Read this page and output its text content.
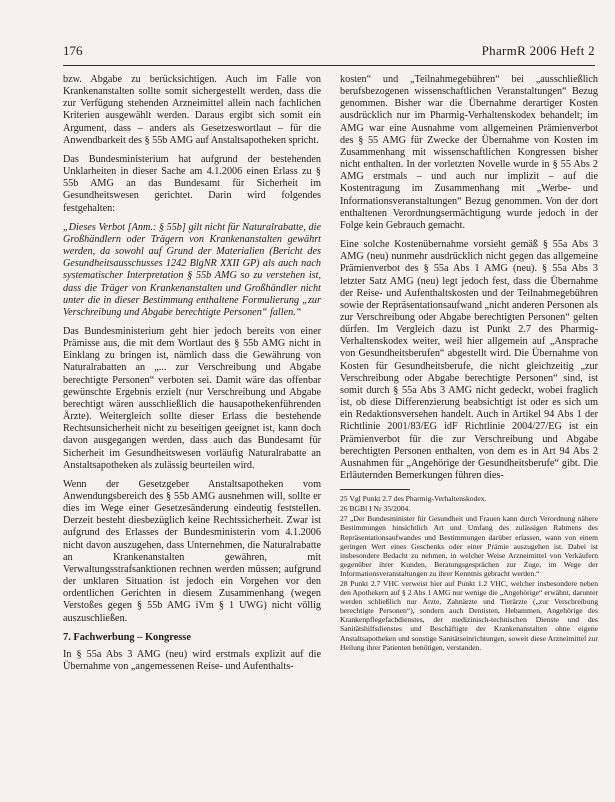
176	PharmR 2006 Heft 2

bzw. Abgabe zu berücksichtigen. Auch im Falle von Krankenanstalten sollte somit sichergestellt werden, dass die zur Verfügung stehenden Arzneimittel allein nach fachlichen Kriterien ausgewählt werden. Daraus ergibt sich somit ein Argument, dass – anders als Gesetzeswortlaut – für die Anwendbarkeit des § 55b AMG auf Anstaltsapotheken spricht.

Das Bundesministerium hat aufgrund der bestehenden Unklarheiten in dieser Sache am 4.1.2006 einen Erlass zu § 55b AMG an das Bundesamt für Sicherheit im Gesundheitswesen gerichtet. Darin wird folgendes festgehalten:

„Dieses Verbot [Anm.: § 55b] gilt nicht für Naturalrabatte, die Großhändlern oder Trägern von Krankenanstalten gewährt werden, da sowohl auf Grund der Materialien (Bericht des Gesundheitsausschusses 1242 BlgNR XXII GP) als auch nach systematischer Interpretation § 55b AMG so zu verstehen ist, dass die Träger von Krankenanstalten und Großhändler nicht unter die in dieser Bestimmung enthaltene Formulierung „zur Verschreibung und Abgabe berechtigte Personen“ fallen.“

Das Bundesministerium geht hier jedoch bereits von einer Prämisse aus, die mit dem Wortlaut des § 55b AMG nicht in Einklang zu bringen ist, nämlich dass die Gewährung von Naturalrabatten an „... zur Verschreibung und Abgabe berechtigte Personen“ verboten sei. Damit wäre das offenbar gewünschte Ergebnis erzielt (nur Verschreibung und Abgabe berechtigt wären ausschließlich die hausapothekenführenden Ärzte). Weitergleich sollte dieser Erlass die bestehende Rechtsunsicherheit nicht zu beseitigen geeignet ist, kann doch davon ausgegangen werden, dass auch das Bundesamt für Sicherheit im Gesundheitswesen vorläufig Naturalrabatte an Anstaltsapotheken als zulässig beurteilen wird.

Wenn der Gesetzgeber Anstaltsapotheken vom Anwendungsbereich des § 55b AMG ausnehmen will, sollte er dies im Wege einer Gesetzesänderung eindeutig feststellen. Derzeit besteht diesbezüglich keine Rechtssicherheit. Zwar ist aufgrund des Erlasses der Bundesministerin vom 4.1.2006 nicht davon auszugehen, dass Unternehmen, die Naturalrabatte an Krankenanstalten gewähren, mit Verwaltungsstrafsanktionen rechnen werden müssen; aufgrund der unklaren Situation ist jedoch ein Vorgehen vor den ordentlichen Gerichten in diesem Zusammenhang (wegen Verstoßes gegen § 55b AMG iVm § 1 UWG) nicht völlig auszuschließen.

7. Fachwerbung – Kongresse

In § 55a Abs 3 AMG (neu) wird erstmals explizit auf die Übernahme von „angemessenen Reise- und Aufenthalts-

kosten“ und „Teilnahmegebühren“ bei „ausschließlich berufsbezogenen wissenschaftlichen Veranstaltungen“ Bezug genommen. Bisher war die Übernahme derartiger Kosten ausdrücklich nur im Pharmig-Verhaltenskodex behandelt; im AMG war eine Ausnahme vom allgemeinen Prämienverbot des § 55 AMG für Zwecke der Übernahme von Kosten im Zusammenhang mit wissenschaftlichen Kongressen bisher nicht enthalten. In der vorletzten Novelle wurde in § 55 Abs 2 AMG erstmals – und auch nur implizit – auf die Kostentragung im Zusammenhang mit „Werbe- und Informationsveranstaltungen“ Bezug genommen. Von der dort enthaltenen Verordnungsermächtigung wurde jedoch in der Folge kein Gebrauch gemacht.

Eine solche Kostenübernahme vorsieht gemäß § 55a Abs 3 AMG (neu) nunmehr ausdrücklich nicht gegen das allgemeine Prämienverbot des § 55a Abs 1 AMG (neu). § 55a Abs 3 letzter Satz AMG (neu) legt jedoch fest, dass die Übernahme der Reise- und Aufenthaltskosten und der Teilnahmegebühren sowie der Repräsentationsaufwand „nicht anderen Personen als zur Verschreibung oder Abgabe berechtigten Personen“ gelten dürfen. Im Vergleich dazu ist Punkt 2.7 des Pharmig-Verhaltenskodex weiter, weil hier allgemein auf „Ansprache von Gesundheitsberufen“ abgestellt wird. Die Übernahme von Kosten für Gesundheitsberufe, die nicht gleichzeitig „zur Verschreibung oder Abgabe berechtigte Personen“ sind, ist somit durch § 55a Abs 3 AMG nicht gedeckt, wobei fraglich ist, ob diese Differenzierung beabsichtigt ist oder es sich um ein Redaktionsversehen handelt. Auch in Artikel 94 Abs 1 der Richtlinie 2001/83/EG idF Richtlinie 2004/27/EG ist ein Prämienverbot für die zur Verschreibung und Abgabe berechtigten Personen enthalten, von dem es in Art 94 Abs 2 Ausnahmen für „Angehörige der Gesundheitsberufe“ gibt. Die Erläuternden Bemerkungen führen dies-

25 Vgl Punkt 2.7 des Pharmig-Verhaltenskodex.

26 BGBl I Nr 35/2004.

27 „Der Bundesminister für Gesundheit und Frauen kann durch Verordnung nähere Bestimmungen hinsichtlich Art und Umfang des zulässigen Rahmens des Repräsentationsaufwandes und Bestimmungen darüber erlassen, wann von einem geringen Wert eines Geschenks oder einer Prämie auszugehen ist. Dabei ist insbesondere Bedacht zu nehmen, in welcher Weise Arzneimittel von Verkäufern gegenüber ihrer Kunden, Beratungsgesprächen zur Zuge, im Wege der Informationsveranstaltungen zu ihrer Kenntnis gebracht werden.“

28 Punkt 2.7 VHC verweist hier auf Punkt 1.2 VHC, welcher insbesondere neben den Apothekern auf § 2 Abs 1 AMG nur wenige die „Angehörige“ erwähnt, darunter werden schließlich nur Ärzte, Zahnärzte und Tierärzte („zur Verschreibung berechtigte Personen“), sondern auch Dentisten, Hebammen, Angehörige des Krankenpflegefachdienstes, der medizinisch-technischen Dienste und des Sanitätshilfsdienstes und Beschäftigte der Krankenanstalten ohne eigene Anstaltsapotheken und sonstige Sanitätseinrichtungen, soweit diese Arzneimittel zur Heilung ihrer Patienten benötigen, verstanden.
